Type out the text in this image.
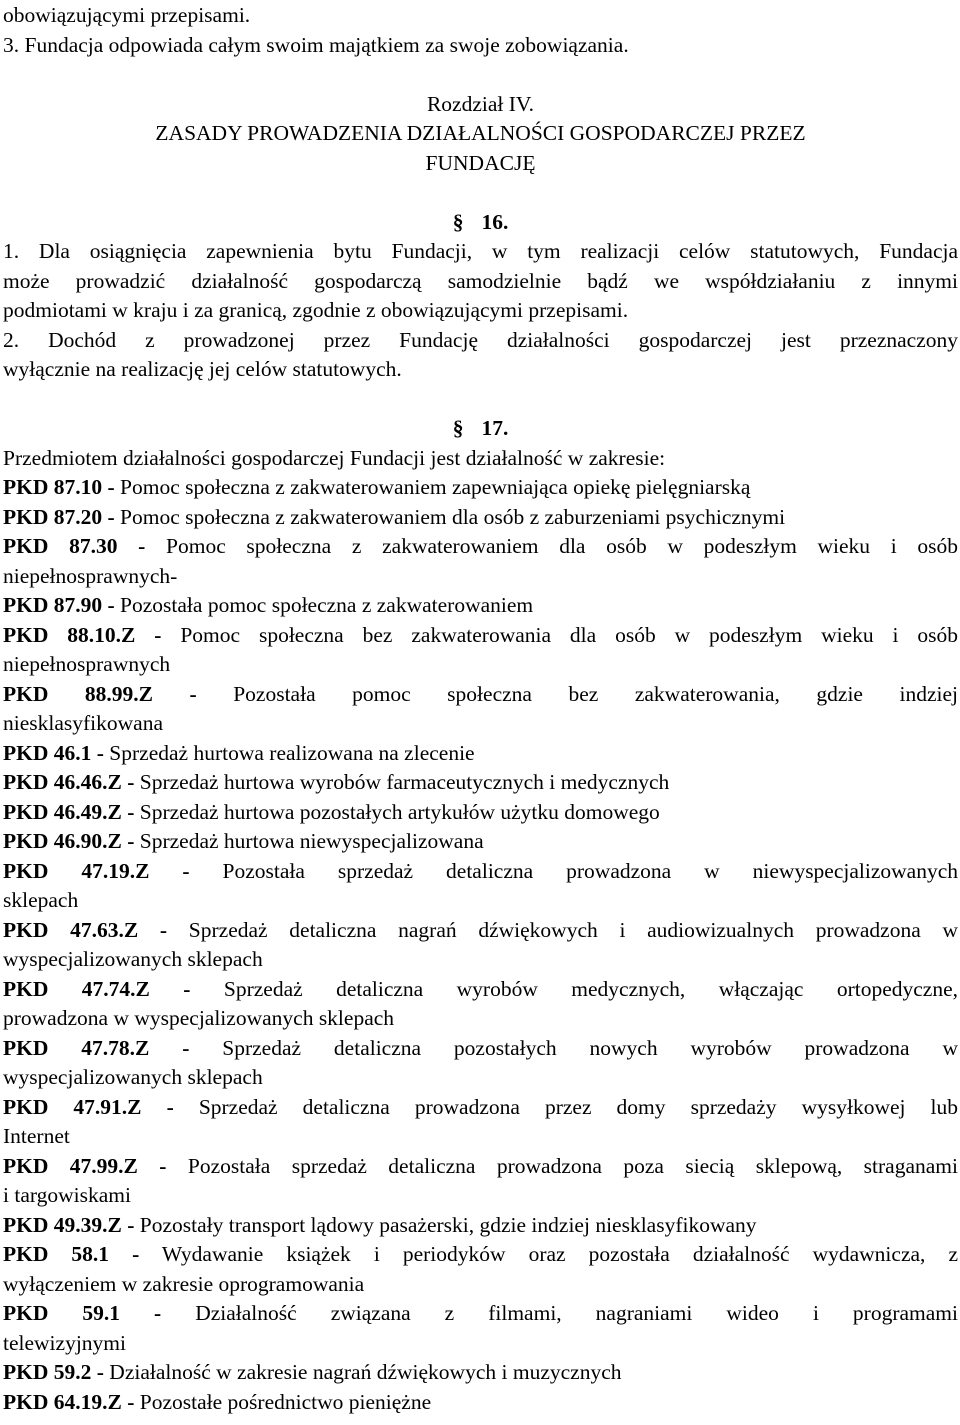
obowiązującymi przepisami.
3. Fundacja odpowiada całym swoim majątkiem za swoje zobowiązania.
Rozdział IV.
ZASADY PROWADZENIA DZIAŁALNOŚCI GOSPODARCZEJ PRZEZ
FUNDACJĘ
§ 16.
1. Dla osiągnięcia zapewnienia bytu Fundacji, w tym realizacji celów statutowych, Fundacja
może prowadzić działalność gospodarczą samodzielnie bądź we współdziałaniu z innymi
podmiotami w kraju i za granicą, zgodnie z obowiązującymi przepisami.
2. Dochód z prowadzonej przez Fundację działalności gospodarczej jest przeznaczony
wyłącznie na realizację jej celów statutowych.
§ 17.
Przedmiotem działalności gospodarczej Fundacji jest działalność w zakresie:
PKD 87.10 - Pomoc społeczna z zakwaterowaniem zapewniająca opiekę pielęgniarską
PKD 87.20 - Pomoc społeczna z zakwaterowaniem dla osób z zaburzeniami psychicznymi
PKD 87.30 - Pomoc społeczna z zakwaterowaniem dla osób w podeszłym wieku i osób
niepełnosprawnych-
PKD 87.90 - Pozostała pomoc społeczna z zakwaterowaniem
PKD 88.10.Z - Pomoc społeczna bez zakwaterowania dla osób w podeszłym wieku i osób
niepełnosprawnych
PKD 88.99.Z - Pozostała pomoc społeczna bez zakwaterowania, gdzie indziej
niesklasyfikowana
PKD 46.1 - Sprzedaż hurtowa realizowana na zlecenie
PKD 46.46.Z - Sprzedaż hurtowa wyrobów farmaceutycznych i medycznych
PKD 46.49.Z - Sprzedaż hurtowa pozostałych artykułów użytku domowego
PKD 46.90.Z - Sprzedaż hurtowa niewyspecjalizowana
PKD 47.19.Z - Pozostała sprzedaż detaliczna prowadzona w niewyspecjalizowanych
sklepach
PKD 47.63.Z - Sprzedaż detaliczna nagrań dźwiękowych i audiowizualnych prowadzona w
wyspecjalizowanych sklepach
PKD 47.74.Z - Sprzedaż detaliczna wyrobów medycznych, włączając ortopedyczne,
prowadzona w wyspecjalizowanych sklepach
PKD 47.78.Z - Sprzedaż detaliczna pozostałych nowych wyrobów prowadzona w
wyspecjalizowanych sklepach
PKD 47.91.Z - Sprzedaż detaliczna prowadzona przez domy sprzedaży wysyłkowej lub
Internet
PKD 47.99.Z - Pozostała sprzedaż detaliczna prowadzona poza siecią sklepową, straganami
i targowiskami
PKD 49.39.Z - Pozostały transport lądowy pasażerski, gdzie indziej niesklasyfikowany
PKD 58.1 - Wydawanie książek i periodyków oraz pozostała działalność wydawnicza, z
wyłączeniem w zakresie oprogramowania
PKD 59.1 - Działalność związana z filmami, nagraniami wideo i programami
telewizyjnymi
PKD 59.2 - Działalność w zakresie nagrań dźwiękowych i muzycznych
PKD 64.19.Z - Pozostałe pośrednictwo pieniężne
